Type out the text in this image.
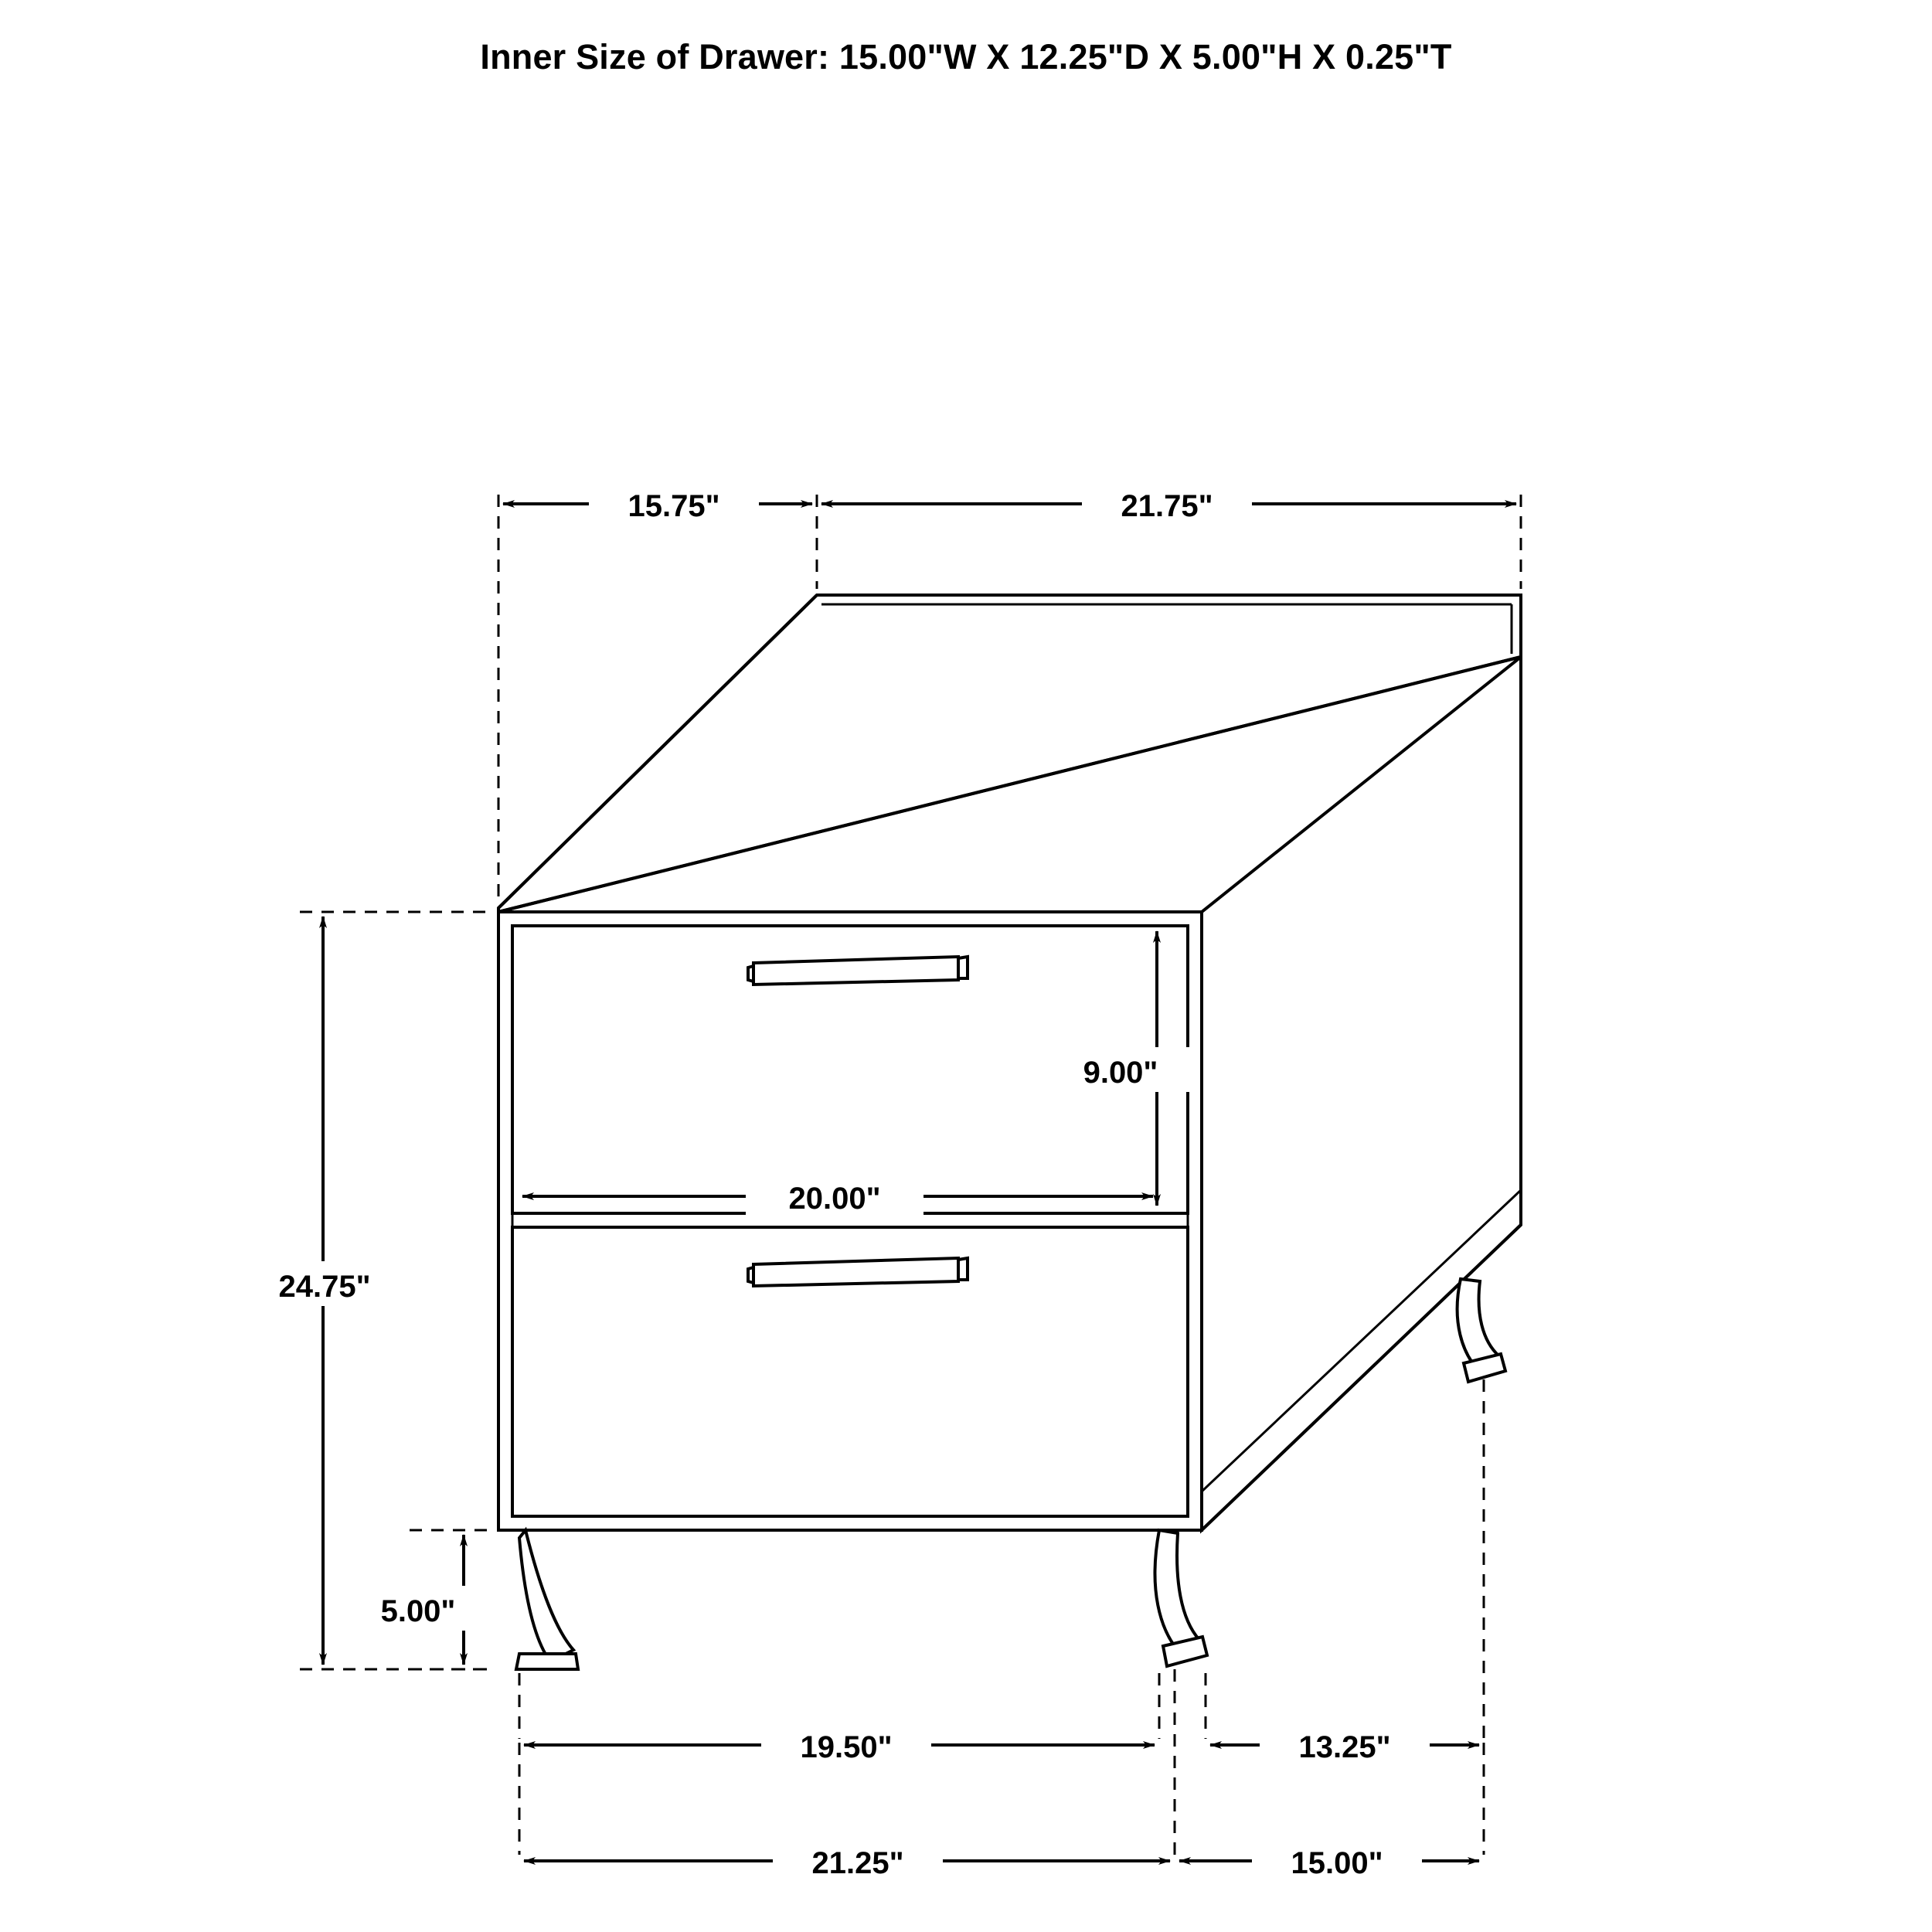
Inner Size of Drawer: 15.00"W X 12.25"D X 5.00"H X 0.25"T
15.75"	21.75"
9.00"
20.00"
24.75"
5.00"
19.50"	13.25"
21.25"	15.00"
